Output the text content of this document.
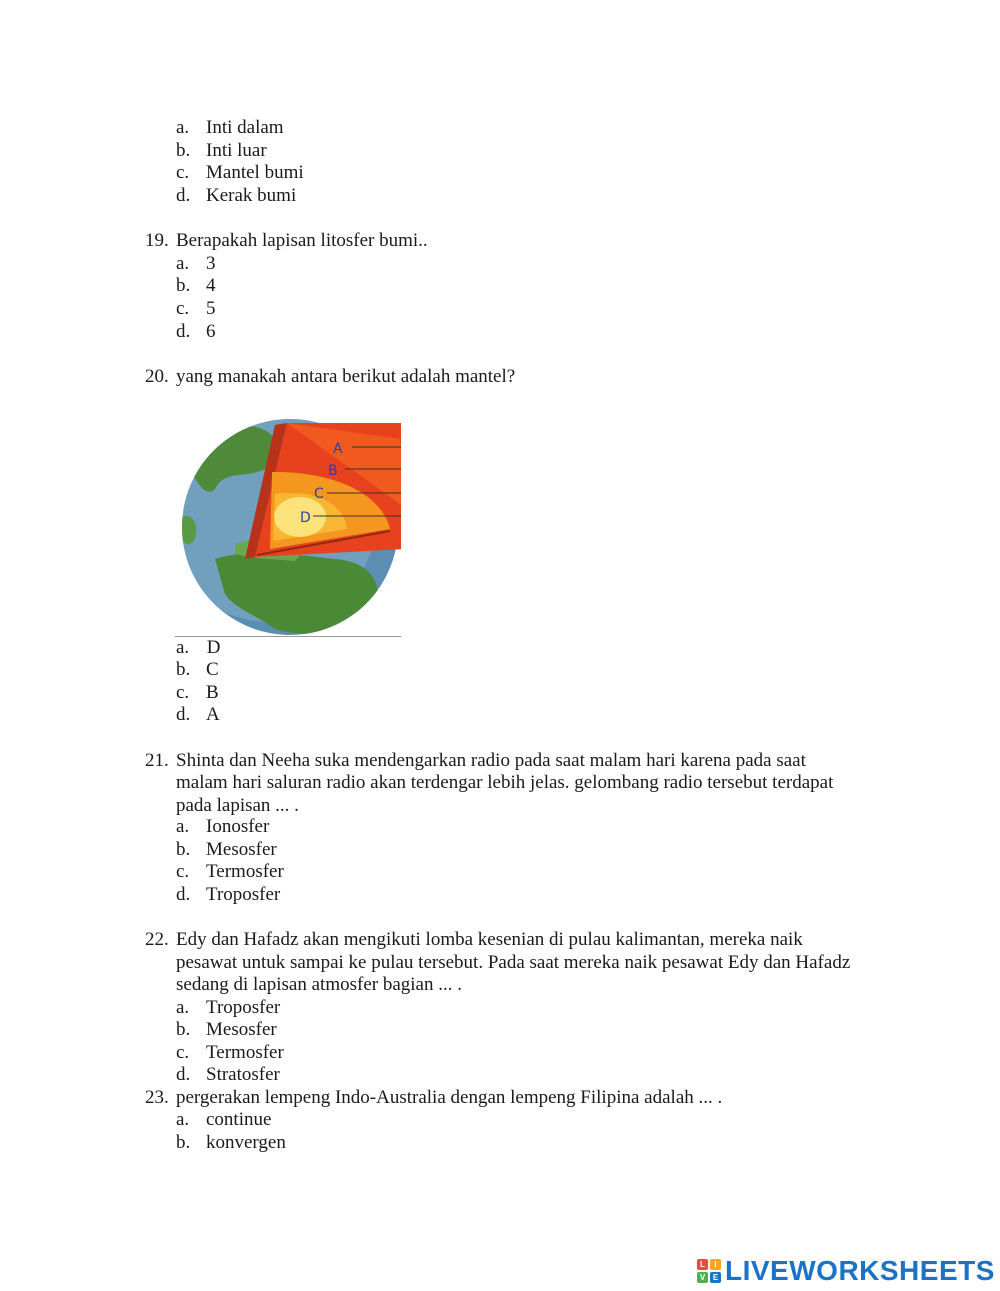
a. Inti dalam
b. Inti luar
c. Mantel bumi
d. Kerak bumi
19. Berapakah lapisan litosfer bumi..
a. 3
b. 4
c. 5
d. 6
20. yang manakah antara berikut adalah mantel?
A
B
C
D
a. D
b. C
c. B
d. A
21. Shinta dan Neeha suka mendengarkan radio pada saat malam hari karena pada saat
malam hari saluran radio akan terdengar lebih jelas. gelombang radio tersebut terdapat
pada lapisan ... .
a. Ionosfer
b. Mesosfer
c. Termosfer
d. Troposfer
22. Edy dan Hafadz akan mengikuti lomba kesenian di pulau kalimantan, mereka naik
pesawat untuk sampai ke pulau tersebut. Pada saat mereka naik pesawat Edy dan Hafadz
sedang di lapisan atmosfer bagian ... .
a. Troposfer
b. Mesosfer
c. Termosfer
d. Stratosfer
23. pergerakan lempeng Indo-Australia dengan lempeng Filipina adalah ... .
a. continue
b. konvergen
L	I
V E LIVEWORKSHEETS
